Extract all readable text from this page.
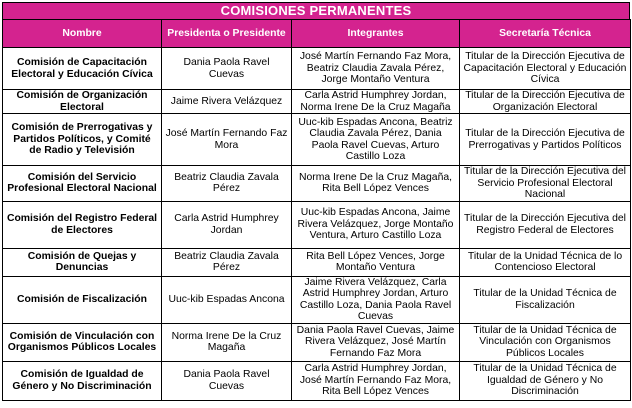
COMISIONES PERMANENTES
Nombre	Presidenta o Presidente	Integrantes	Secretaría Técnica
Comisión de Capacitación Electoral y Educación Cívica	Dania Paola Ravel Cuevas	José Martín Fernando Faz Mora, Beatriz Claudia Zavala Pérez, Jorge Montaño Ventura	Titular de la Dirección Ejecutiva de Capacitación Electoral y Educación Cívica
Comisión de Organización Electoral	Jaime Rivera Velázquez	Carla Astrid Humphrey Jordan, Norma Irene De la Cruz Magaña	Titular de la Dirección Ejecutiva de Organización Electoral
Comisión de Prerrogativas y Partidos Políticos, y Comité de Radio y Televisión	José Martín Fernando Faz Mora	Uuc-kib Espadas Ancona, Beatriz Claudia Zavala Pérez, Dania Paola Ravel Cuevas, Arturo Castillo Loza	Titular de la Dirección Ejecutiva de Prerrogativas y Partidos Políticos
Comisión del Servicio Profesional Electoral Nacional	Beatriz Claudia Zavala Pérez	Norma Irene De la Cruz Magaña, Rita Bell López Vences	Titular de la Dirección Ejecutiva del Servicio Profesional Electoral Nacional
Comisión del Registro Federal de Electores	Carla Astrid Humphrey Jordan	Uuc-kib Espadas Ancona, Jaime Rivera Velázquez, Jorge Montaño Ventura, Arturo Castillo Loza	Titular de la Dirección Ejecutiva del Registro Federal de Electores
Comisión de Quejas y Denuncias	Beatriz Claudia Zavala Pérez	Rita Bell López Vences, Jorge Montaño Ventura	Titular de la Unidad Técnica de lo Contencioso Electoral
Comisión de Fiscalización	Uuc-kib Espadas Ancona	Jaime Rivera Velázquez, Carla Astrid Humphrey Jordan, Arturo Castillo Loza, Dania Paola Ravel Cuevas	Titular de la Unidad Técnica de Fiscalización
Comisión de Vinculación con Organismos Públicos Locales	Norma Irene De la Cruz Magaña	Dania Paola Ravel Cuevas, Jaime Rivera Velázquez, José Martín Fernando Faz Mora	Titular de la Unidad Técnica de Vinculación con Organismos Públicos Locales
Comisión de Igualdad de Género y No Discriminación	Dania Paola Ravel Cuevas	Carla Astrid Humphrey Jordan, José Martín Fernando Faz Mora, Rita Bell López Vences	Titular de la Unidad Técnica de Igualdad de Género y No Discriminación
